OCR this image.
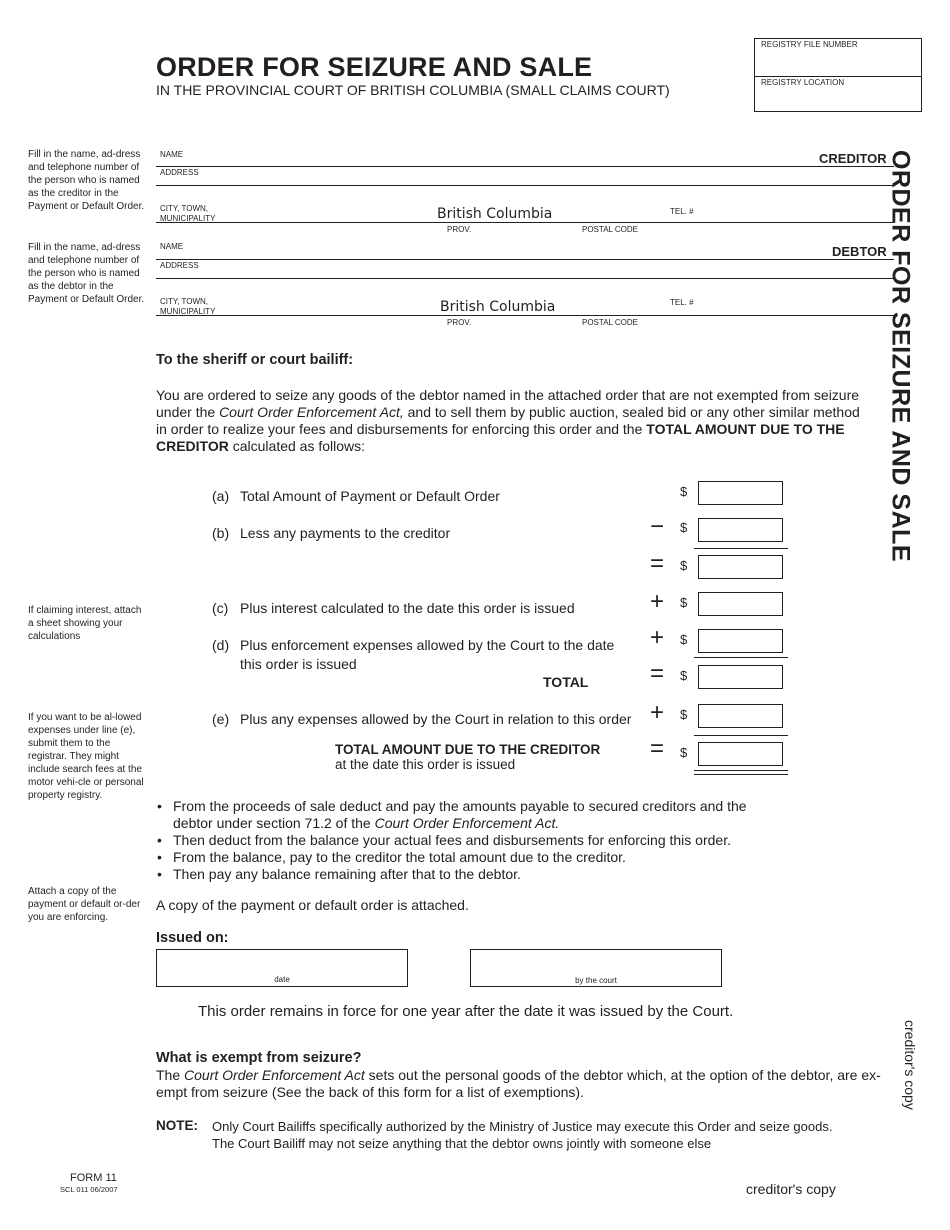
ORDER FOR SEIZURE AND SALE
IN THE PROVINCIAL COURT OF BRITISH COLUMBIA (SMALL CLAIMS COURT)
REGISTRY FILE NUMBER
REGISTRY LOCATION
ORDER FOR SEIZURE AND SALE
Fill in the name, ad-dress and telephone number of the person who is named as the creditor in the Payment or Default Order.
Fill in the name, ad-dress and telephone number of the person who is named as the debtor in the Payment or Default Order.
If claiming interest, attach a sheet showing your calculations
If you want to be al-lowed expenses under line (e), submit them to the registrar. They might include search fees at the motor vehi-cle or personal property registry.
Attach a copy of the payment or default or-der you are enforcing.
NAME	CREDITOR
ADDRESS
CITY, TOWN,
MUNICIPALITY	British Columbia	TEL. #
PROV.	POSTAL CODE
NAME	DEBTOR
ADDRESS
CITY, TOWN,
MUNICIPALITY	British Columbia	TEL. #
PROV.	POSTAL CODE
To the sheriff or court bailiff:
You are ordered to seize any goods of the debtor named in the attached order that are not exempted from seizure
under the Court Order Enforcement Act, and to sell them by public auction, sealed bid or any other similar method
in order to realize your fees and disbursements for enforcing this order and the TOTAL AMOUNT DUE TO THE
CREDITOR calculated as follows:
(a) Total Amount of Payment or Default Order	$
(b) Less any payments to the creditor	−	$
=	$
(c) Plus interest calculated to the date this order is issued	+	$
(d) Plus enforcement expenses allowed by the Court to the date
this order is issued
+	$
TOTAL	=	$
(e) Plus any expenses allowed by the Court in relation to this order +	$
TOTAL AMOUNT DUE TO THE CREDITOR
at the date this order is issued
=	$
• From the proceeds of sale deduct and pay the amounts payable to secured creditors and the
debtor under section 71.2 of the Court Order Enforcement Act.
• Then deduct from the balance your actual fees and disbursements for enforcing this order.
• From the balance, pay to the creditor the total amount due to the creditor.
• Then pay any balance remaining after that to the debtor.
A copy of the payment or default order is attached.
Issued on:
date	by the court
This order remains in force for one year after the date it was issued by the Court.
What is exempt from seizure?
The Court Order Enforcement Act sets out the personal goods of the debtor which, at the option of the debtor, are ex-
empt from seizure (See the back of this form for a list of exemptions).
NOTE: Only Court Bailiffs specifically authorized by the Ministry of Justice may execute this Order and seize goods.
The Court Bailiff may not seize anything that the debtor owns jointly with someone else
creditor's copy
FORM 11
SCL 011 06/2007	creditor's copy
